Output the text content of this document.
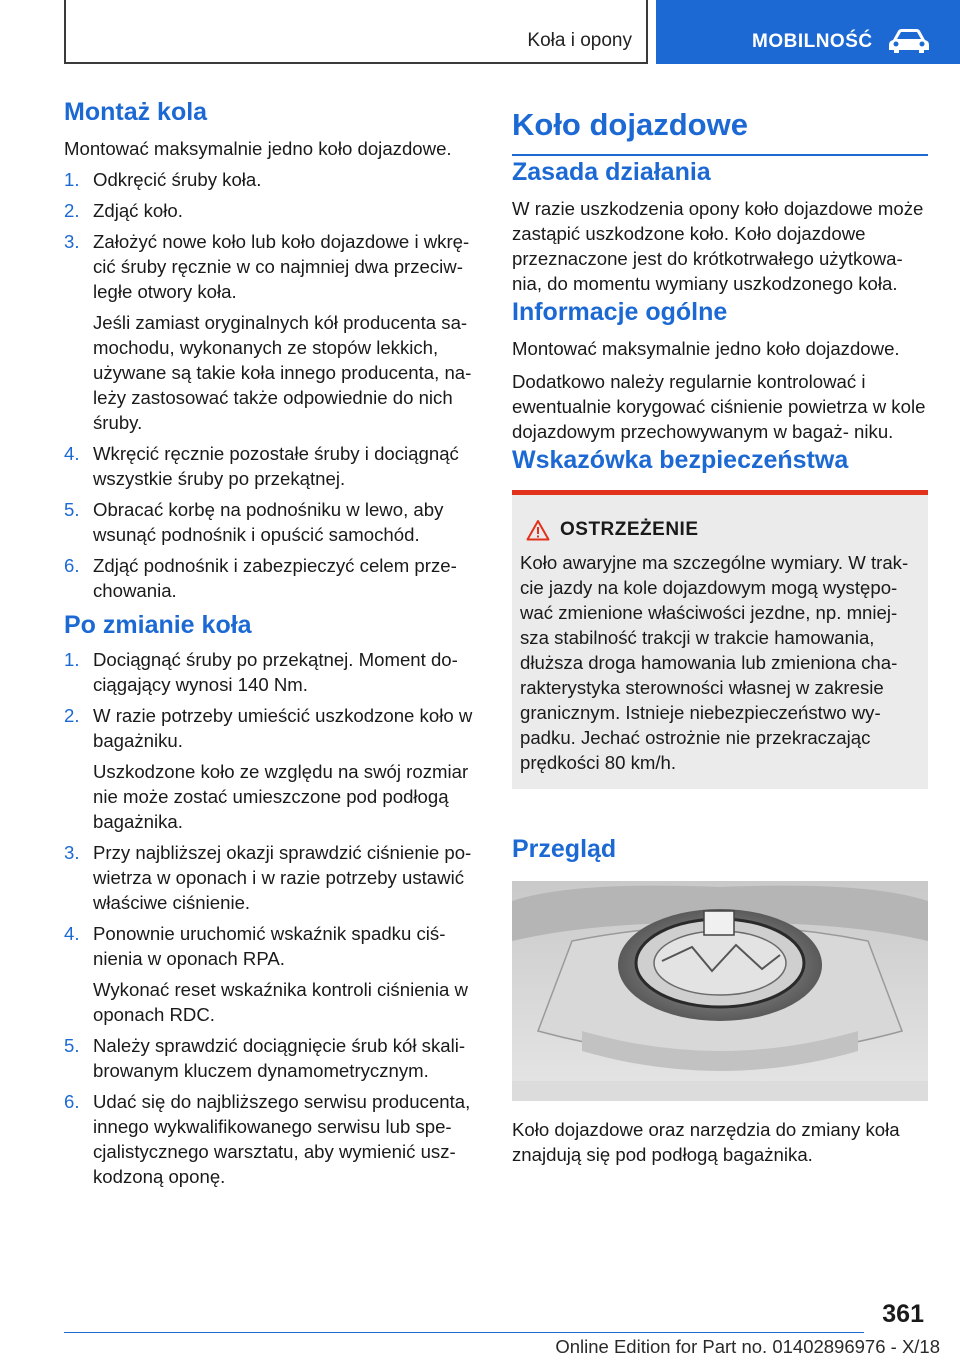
Koła i opony	MOBILNOŚĆ
Montaż kola

Montować maksymalnie jedno koło dojazdowe.

1. Odkręcić śruby koła.
2. Zdjąć koło.
3. Założyć nowe koło lub koło dojazdowe i wkrę- cić śruby ręcznie w co najmniej dwa przeciw- ległe otwory koła.
Jeśli zamiast oryginalnych kół producenta sa- mochodu, wykonanych ze stopów lekkich, używane są takie koła innego producenta, na- leży zastosować także odpowiednie do nich śruby.
4. Wkręcić ręcznie pozostałe śruby i dociągnąć wszystkie śruby po przekątnej.
5. Obracać korbę na podnośniku w lewo, aby wsunąć podnośnik i opuścić samochód.
6. Zdjąć podnośnik i zabezpieczyć celem prze- chowania.
Po zmianie koła
1. Dociągnąć śruby po przekątnej. Moment do- ciągający wynosi 140 Nm.
2. W razie potrzeby umieścić uszkodzone koło w bagażniku.
Uszkodzone koło ze względu na swój rozmiar nie może zostać umieszczone pod podłogą bagażnika.
3. Przy najbliższej okazji sprawdzić ciśnienie po- wietrza w oponach i w razie potrzeby ustawić właściwe ciśnienie.
4. Ponownie uruchomić wskaźnik spadku ciś- nienia w oponach RPA.
Wykonać reset wskaźnika kontroli ciśnienia w oponach RDC.
5. Należy sprawdzić dociągnięcie śrub kół skali- browanym kluczem dynamometrycznym.
6. Udać się do najbliższego serwisu producenta, innego wykwalifikowanego serwisu lub spe- cjalistycznego warsztatu, aby wymienić usz- kodzoną oponę.
Koło dojazdowe
Zasada działania

W razie uszkodzenia opony koło dojazdowe może zastąpić uszkodzone koło. Koło dojazdowe przeznaczone jest do krótkotrwałego użytkowa- nia, do momentu wymiany uszkodzonego koła.

Informacje ogólne

Montować maksymalnie jedno koło dojazdowe.

Dodatkowo należy regularnie kontrolować i ewentualnie korygować ciśnienie powietrza w kole dojazdowym przechowywanym w bagaż- niku.

Wskazówka bezpieczeństwa
OSTRZEŻENIE

Koło awaryjne ma szczególne wymiary. W trak- cie jazdy na kole dojazdowym mogą występo- wać zmienione właściwości jezdne, np. mniej- sza stabilność trakcji w trakcie hamowania, dłuższa droga hamowania lub zmieniona cha- rakterystyka sterowności własnej w zakresie granicznym. Istnieje niebezpieczeństwo wy- padku. Jechać ostrożnie nie przekraczając prędkości 80 km/h.

Przegląd

Koło dojazdowe oraz narzędzia do zmiany koła znajdują się pod podłogą bagażnika.

361
Online Edition for Part no. 01402896976 - X/18
